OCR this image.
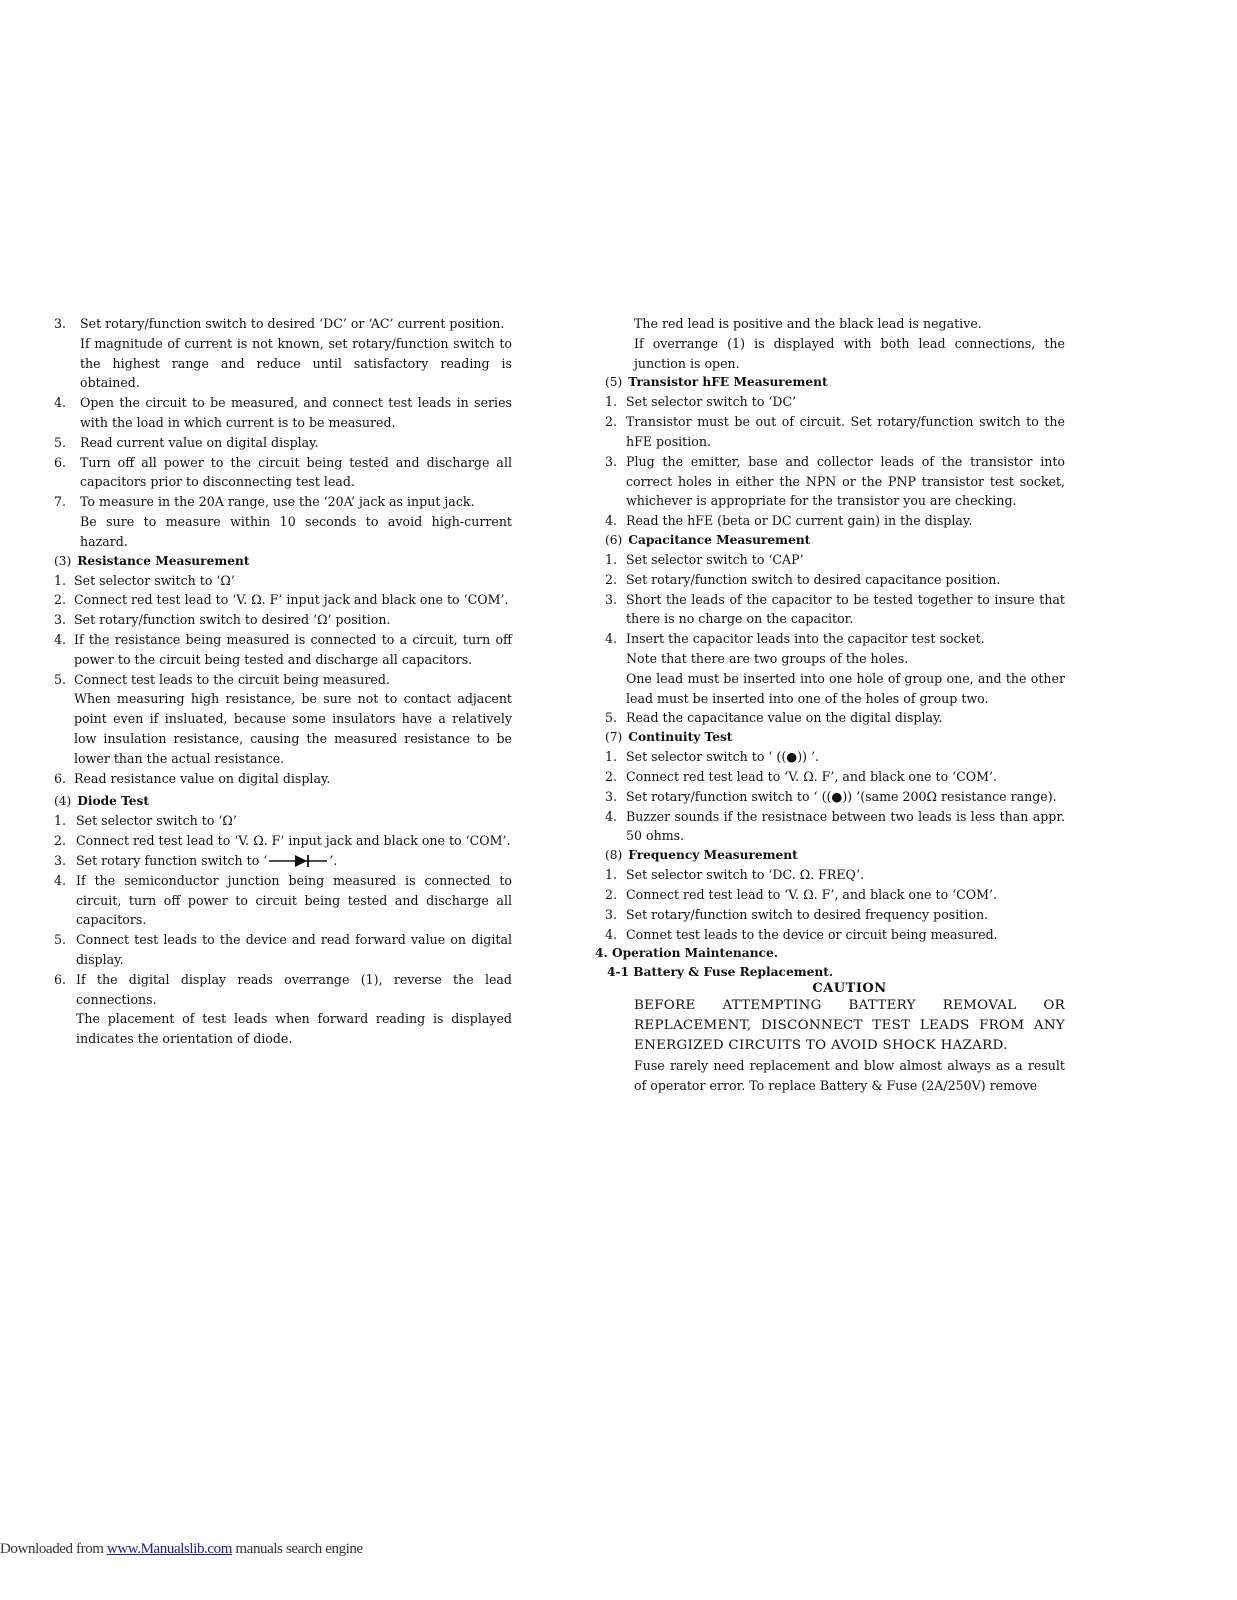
3. Set rotary/function switch to desired ‘DC’ or ‘AC’ current position.
If magnitude of current is not known, set rotary/function switch to the highest range and reduce until satisfactory reading is obtained.
4. Open the circuit to be measured, and connect test leads in series with the load in which current is to be measured.
5. Read current value on digital display.
6. Turn off all power to the circuit being tested and discharge all capacitors prior to disconnecting test lead.
7. To measure in the 20A range, use the ‘20A’ jack as input jack.
Be sure to measure within 10 seconds to avoid high-current hazard.
(3) Resistance Measurement
1. Set selector switch to ‘Ω’
2. Connect red test lead to ‘V. Ω. F’ input jack and black one to ‘COM’.
3. Set rotary/function switch to desired ‘Ω’ position.
4. If the resistance being measured is connected to a circuit, turn off power to the circuit being tested and discharge all capacitors.
5. Connect test leads to the circuit being measured.
When measuring high resistance, be sure not to contact adjacent point even if insluated, because some insulators have a relatively low insulation resistance, causing the measured resistance to be lower than the actual resistance.
6. Read resistance value on digital display.
(4) Diode Test
1. Set selector switch to ‘Ω’
2. Connect red test lead to ‘V. Ω. F’ input jack and black one to ‘COM’.
3. Set rotary function switch to ‘	’.
4. If the semiconductor junction being measured is connected to circuit, turn off power to circuit being tested and discharge all capacitors.
5. Connect test leads to the device and read forward value on digital display.
6. If the digital display reads overrange (1), reverse the lead connections.
The placement of test leads when forward reading is displayed indicates the orientation of diode.
The red lead is positive and the black lead is negative.
If overrange (1) is displayed with both lead connections, the junction is open.
(5) Transistor hFE Measurement
1. Set selector switch to ‘DC’
2. Transistor must be out of circuit. Set rotary/function switch to the hFE position.
3. Plug the emitter, base and collector leads of the transistor into correct holes in either the NPN or the PNP transistor test socket, whichever is appropriate for the transistor you are checking.
4. Read the hFE (beta or DC current gain) in the display.
(6) Capacitance Measurement
1. Set selector switch to ‘CAP’
2. Set rotary/function switch to desired capacitance position.
3. Short the leads of the capacitor to be tested together to insure that there is no charge on the capacitor.
4. Insert the capacitor leads into the capacitor test socket.
Note that there are two groups of the holes.
One lead must be inserted into one hole of group one, and the other lead must be inserted into one of the holes of group two.
5. Read the capacitance value on the digital display.
(7) Continuity Test
1. Set selector switch to ‘ ((●)) ’.
2. Connect red test lead to ‘V. Ω. F’, and black one to ‘COM’.
3. Set rotary/function switch to ‘ ((●)) ’(same 200Ω resistance range).
4. Buzzer sounds if the resistnace between two leads is less than appr. 50 ohms.
(8) Frequency Measurement
1. Set selector switch to ‘DC. Ω. FREQ’.
2. Connect red test lead to ‘V. Ω. F’, and black one to ‘COM’.
3. Set rotary/function switch to desired frequency position.
4. Connet test leads to the device or circuit being measured.
4. Operation Maintenance.
4-1 Battery & Fuse Replacement.
CAUTION
BEFORE ATTEMPTING BATTERY REMOVAL OR REPLACEMENT, DISCONNECT TEST LEADS FROM ANY ENERGIZED CIRCUITS TO AVOID SHOCK HAZARD.
Fuse rarely need replacement and blow almost always as a result of operator error. To replace Battery & Fuse (2A/250V) remove
Downloaded from www.Manualslib.com manuals search engine
